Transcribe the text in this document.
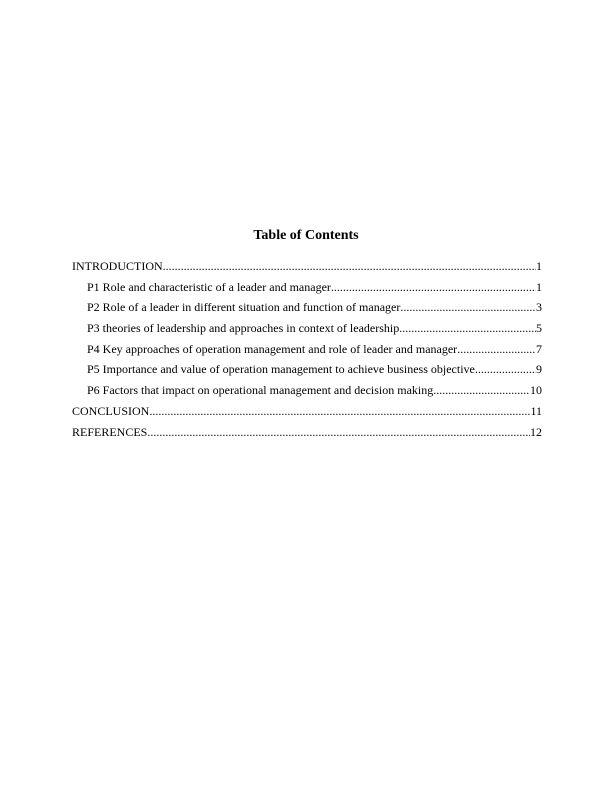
Table of Contents
INTRODUCTION .....	1
P1 Role and characteristic of a leader and manager .....	1
P2 Role of a leader in different situation and function of manager .....	3
P3 theories of leadership and approaches in context of leadership .....	5
P4 Key approaches of operation management and role of leader and manager .....	7
P5 Importance and value of operation management to achieve business objective .....	9
P6 Factors that impact on operational management and decision making .....	10
CONCLUSION .....	11
REFERENCES .....	12
